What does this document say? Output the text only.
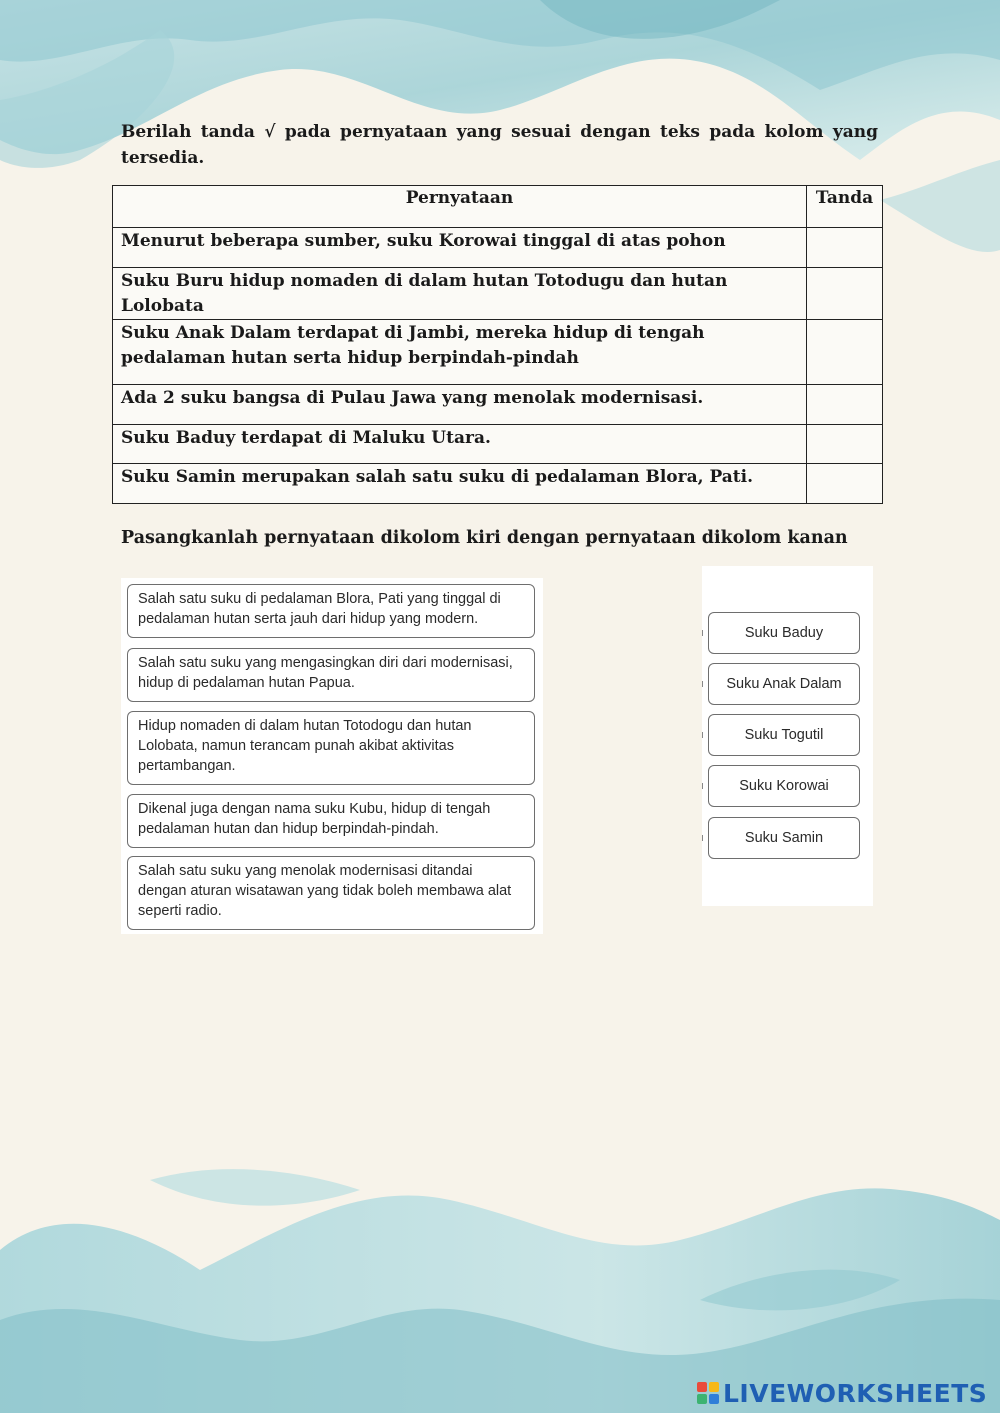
Berilah tanda √ pada pernyataan yang sesuai dengan teks pada kolom yang tersedia.
Pernyataan	Tanda
Menurut beberapa sumber, suku Korowai tinggal di atas pohon	
Suku Buru hidup nomaden di dalam hutan Totodugu dan hutan Lolobata	
Suku Anak Dalam terdapat di Jambi, mereka hidup di tengah pedalaman hutan serta hidup berpindah-pindah	
Ada 2 suku bangsa di Pulau Jawa yang menolak modernisasi.	
Suku Baduy terdapat di Maluku Utara.	
Suku Samin merupakan salah satu suku di pedalaman Blora, Pati.	
Pasangkanlah pernyataan dikolom kiri dengan pernyataan dikolom kanan
Salah satu suku di pedalaman Blora, Pati yang tinggal di pedalaman hutan serta jauh dari hidup yang modern.
Salah satu suku yang mengasingkan diri dari modernisasi, hidup di pedalaman hutan Papua.
Hidup nomaden di dalam hutan Totodogu dan hutan Lolobata, namun terancam punah akibat aktivitas pertambangan.
Dikenal juga dengan nama suku Kubu, hidup di tengah pedalaman hutan dan hidup berpindah-pindah.
Salah satu suku yang menolak modernisasi ditandai dengan aturan wisatawan yang tidak boleh membawa alat seperti radio.
Suku Baduy
Suku Anak Dalam
Suku Togutil
Suku Korowai
Suku Samin
LIVEWORKSHEETS
